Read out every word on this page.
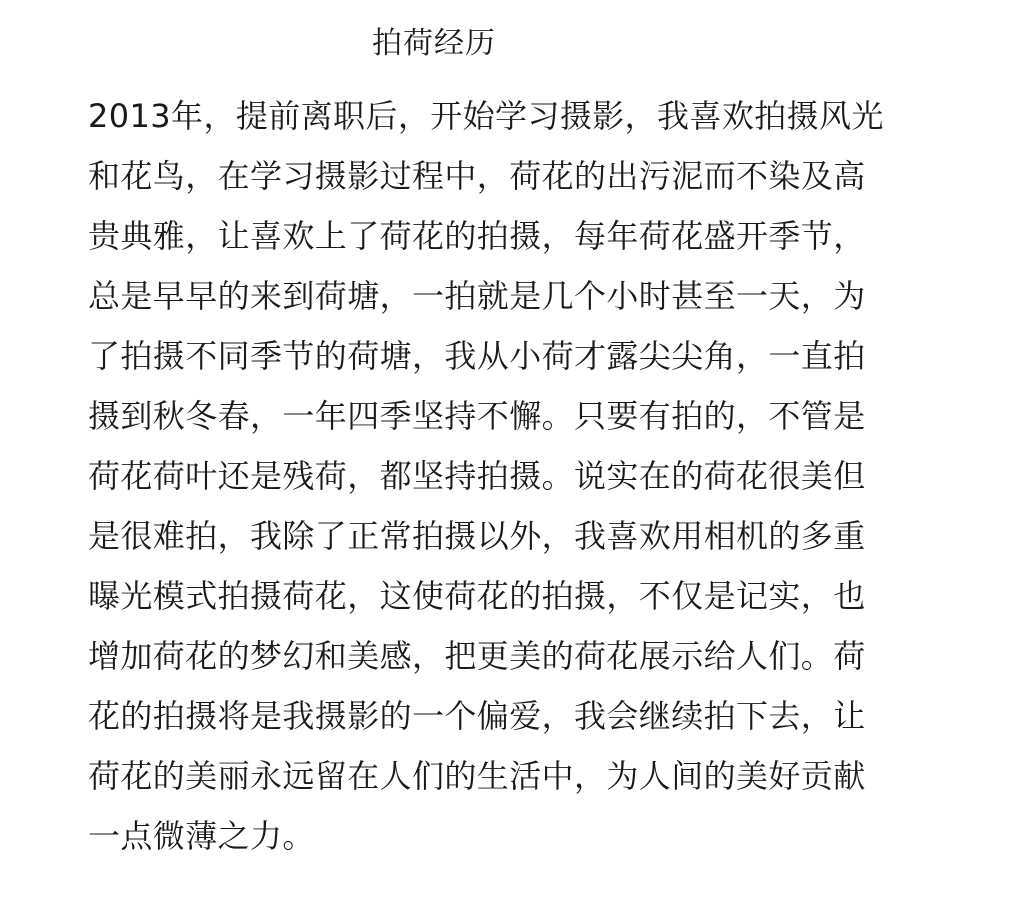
拍荷经历
2013年，提前离职后，开始学习摄影，我喜欢拍摄风光
和花鸟，在学习摄影过程中，荷花的出污泥而不染及高
贵典雅，让喜欢上了荷花的拍摄，每年荷花盛开季节，
总是早早的来到荷塘，一拍就是几个小时甚至一天，为
了拍摄不同季节的荷塘，我从小荷才露尖尖角，一直拍
摄到秋冬春，一年四季坚持不懈。只要有拍的，不管是
荷花荷叶还是残荷，都坚持拍摄。说实在的荷花很美但
是很难拍，我除了正常拍摄以外，我喜欢用相机的多重
曝光模式拍摄荷花，这使荷花的拍摄，不仅是记实，也
增加荷花的梦幻和美感，把更美的荷花展示给人们。荷
花的拍摄将是我摄影的一个偏爱，我会继续拍下去，让
荷花的美丽永远留在人们的生活中，为人间的美好贡献
一点微薄之力。
